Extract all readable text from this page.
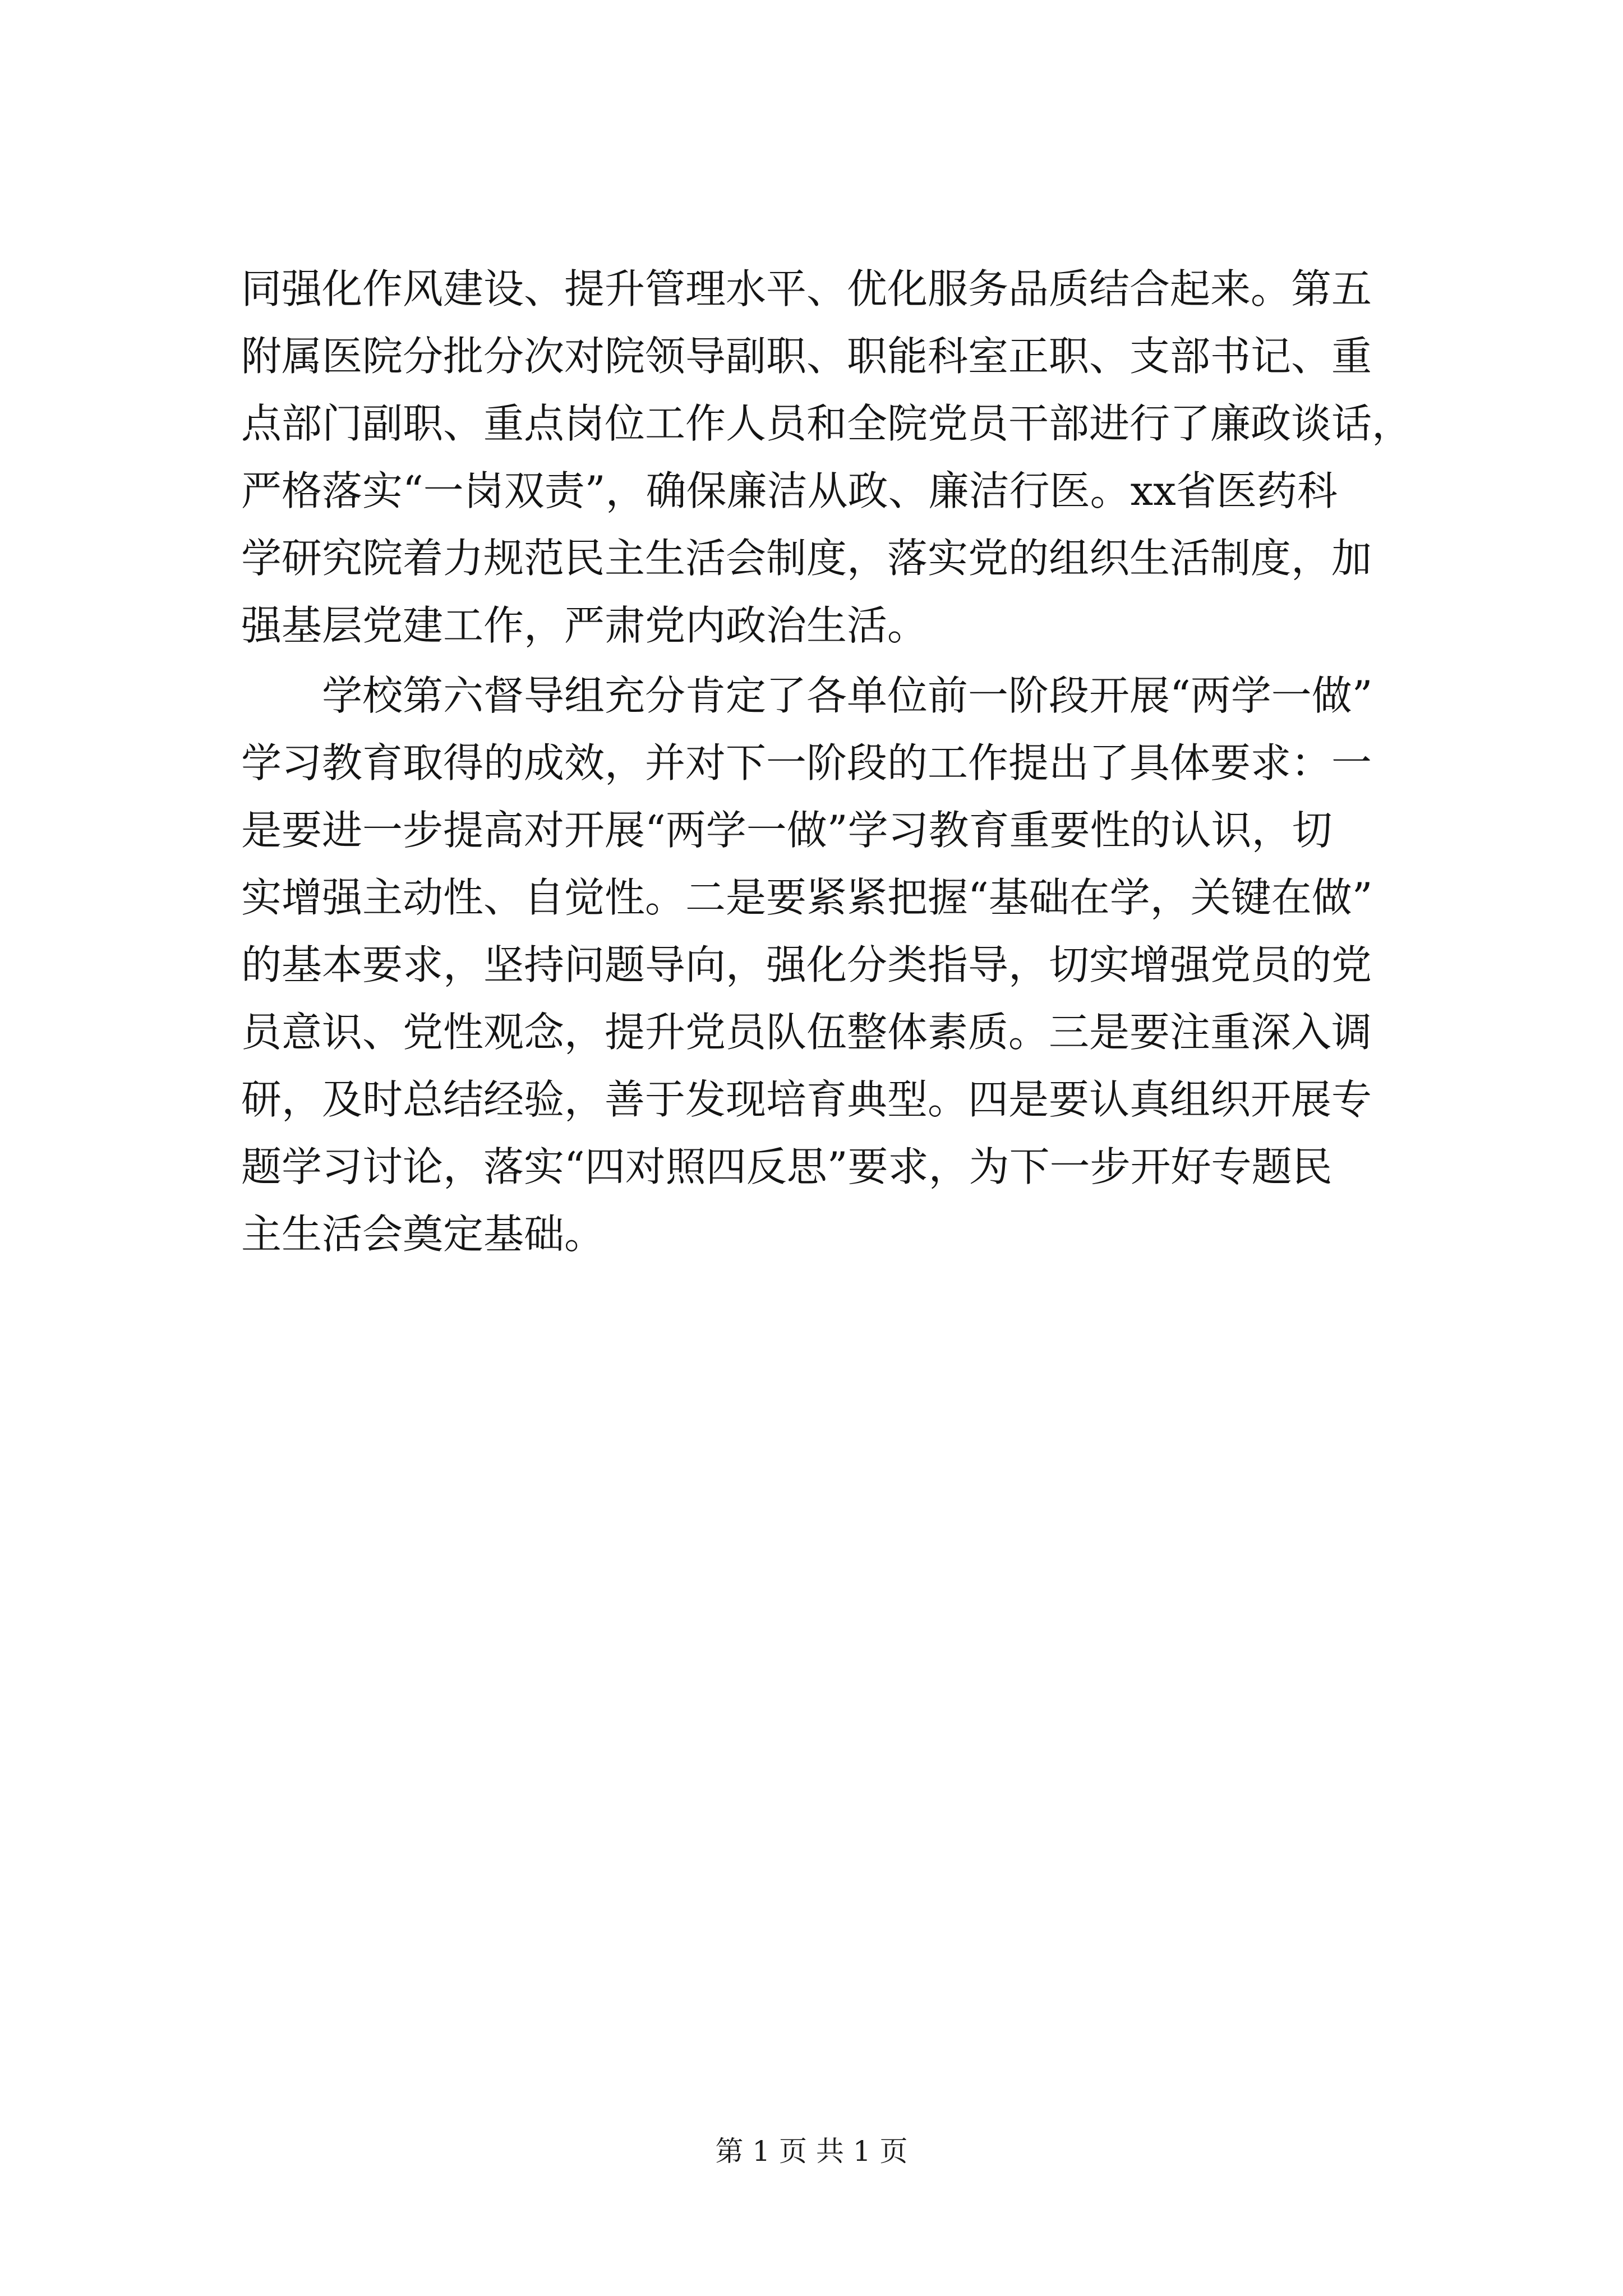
同强化作风建设、提升管理水平、优化服务品质结合起来。第五
附属医院分批分次对院领导副职、职能科室正职、支部书记、重
点部门副职、重点岗位工作人员和全院党员干部进行了廉政谈话，
严格落实“一岗双责”，确保廉洁从政、廉洁行医。xx省医药科
学研究院着力规范民主生活会制度，落实党的组织生活制度，加
强基层党建工作，严肃党内政治生活。
学校第六督导组充分肯定了各单位前一阶段开展“两学一做”
学习教育取得的成效，并对下一阶段的工作提出了具体要求：一
是要进一步提高对开展“两学一做”学习教育重要性的认识，切
实增强主动性、自觉性。二是要紧紧把握“基础在学，关键在做”
的基本要求，坚持问题导向，强化分类指导，切实增强党员的党
员意识、党性观念，提升党员队伍整体素质。三是要注重深入调
研，及时总结经验，善于发现培育典型。四是要认真组织开展专
题学习讨论，落实“四对照四反思”要求，为下一步开好专题民
主生活会奠定基础。
第 1 页 共 1 页
